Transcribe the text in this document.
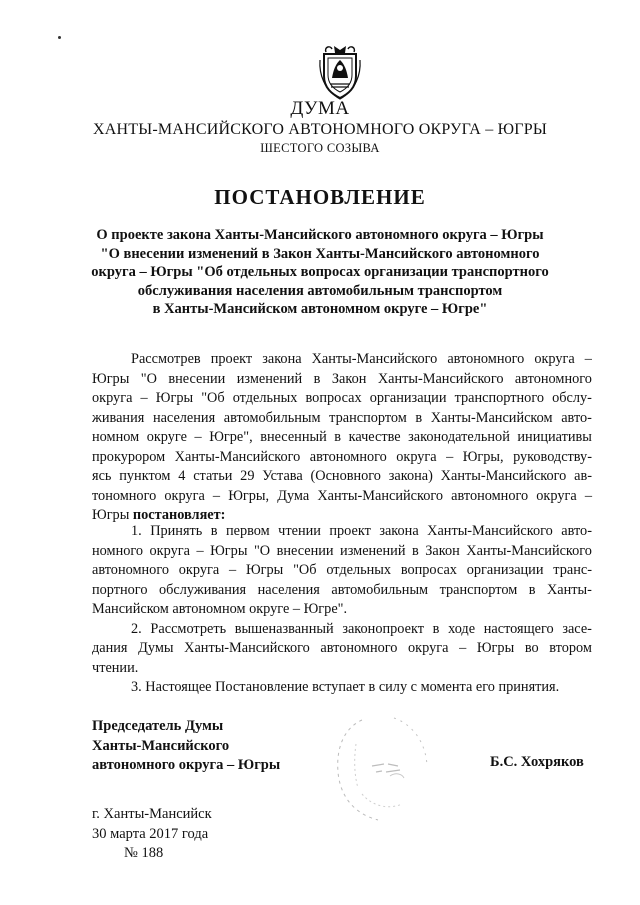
ДУМА
ХАНТЫ-МАНСИЙСКОГО АВТОНОМНОГО ОКРУГА – ЮГРЫ
ШЕСТОГО СОЗЫВА
ПОСТАНОВЛЕНИЕ
О проекте закона Ханты-Мансийского автономного округа – Югры
"О внесении изменений в Закон Ханты-Мансийского автономного
округа – Югры "Об отдельных вопросах организации транспортного
обслуживания населения автомобильным транспортом
в Ханты-Мансийском автономном округе – Югре"
Рассмотрев проект закона Ханты-Мансийского автономного округа –
Югры "О внесении изменений в Закон Ханты-Мансийского автономного
округа – Югры "Об отдельных вопросах организации транспортного обслу-
живания населения автомобильным транспортом в Ханты-Мансийском авто-
номном округе – Югре", внесенный в качестве законодательной инициативы
прокурором Ханты-Мансийского автономного округа – Югры, руководству-
ясь пунктом 4 статьи 29 Устава (Основного закона) Ханты-Мансийского ав-
тономного округа – Югры, Дума Ханты-Мансийского автономного округа –
Югры
постановляет:
1. Принять в первом чтении проект закона Ханты-Мансийского авто-
номного округа – Югры "О внесении изменений в Закон Ханты-Мансийского
автономного округа – Югры "Об отдельных вопросах организации транс-
портного обслуживания населения автомобильным транспортом в Ханты-
Мансийском автономном округе – Югре".
2. Рассмотреть вышеназванный законопроект в ходе настоящего засе-
дания Думы Ханты-Мансийского автономного округа – Югры во втором
чтении.
3. Настоящее Постановление вступает в силу с момента его принятия.
Председатель Думы
Ханты-Мансийского
автономного округа – Югры	Б.С. Хохряков
г. Ханты-Мансийск
30 марта 2017 года
№ 188
